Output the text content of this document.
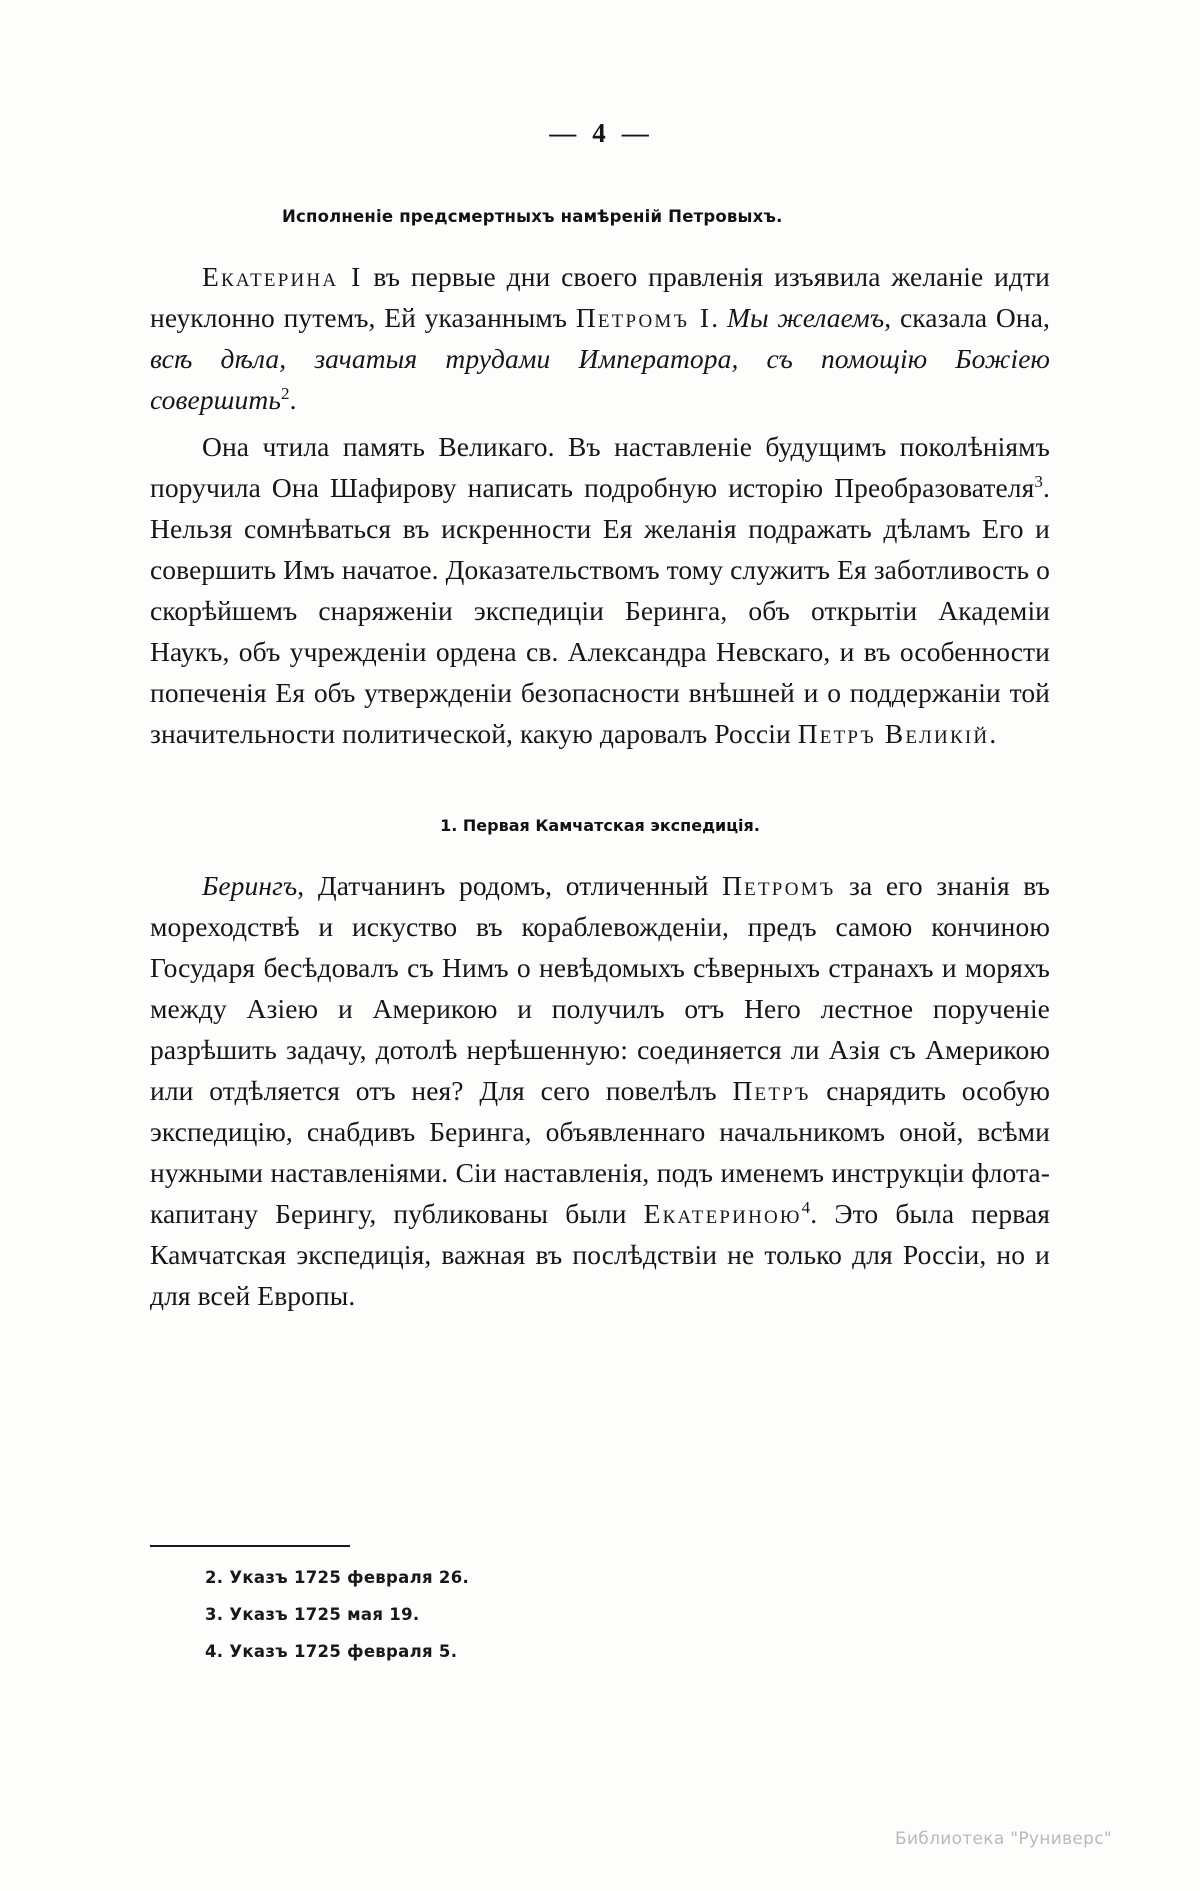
— 4 —
Исполненіе предсмертныхъ намѣреній Петровыхъ.

Екатерина I въ первые дни своего правленія изъявила желаніе идти неуклонно путемъ, Ей указаннымъ Петромъ I. Мы желаемъ, сказала Она, всѣ дѣла, зачатыя трудами Императора, съ помощію Божіею совершить$^2$.

Она чтила память Великаго. Въ наставленіе будущимъ поколѣніямъ поручила Она Шафирову написать подробную исторію Преобразователя$^3$. Нельзя сомнѣваться въ искренности Ея желанія подражать дѣламъ Его и совершить Имъ начатое. Доказательствомъ тому служитъ Ея заботливость о скорѣйшемъ снаряженіи экспедиціи Беринга, объ открытіи Академіи Наукъ, объ учрежденіи ордена св. Александра Невскаго, и въ особенности попеченія Ея объ утвержденіи безопасности внѣшней и о поддержаніи той значительности политической, какую даровалъ Россіи Петръ Великій.

1. Первая Камчатская экспедиція.

Берингъ, Датчанинъ родомъ, отличенный Петромъ за его знанія въ мореходствѣ и искуство въ кораблевожденіи, предъ самою кончиною Государя бесѣдовалъ съ Нимъ о невѣдомыхъ сѣверныхъ странахъ и моряхъ между Азіею и Америкою и получилъ отъ Него лестное порученіе разрѣшить задачу, дотолѣ нерѣшенную: соединяется ли Азія съ Америкою или отдѣляется отъ нея? Для сего повелѣлъ Петръ снарядить особую экспедицію, снабдивъ Беринга, объявленнаго начальникомъ оной, всѣми нужными наставленіями. Сіи наставленія, подъ именемъ инструкціи флота-капитану Берингу, публикованы были Екатериною$^4$. Это была первая Камчатская экспедиція, важная въ послѣдствіи не только для Россіи, но и для всей Европы.

2. Указъ 1725 февраля 26.
3. Указъ 1725 мая 19.
4. Указъ 1725 февраля 5.
Библиотека "Руниверс"
